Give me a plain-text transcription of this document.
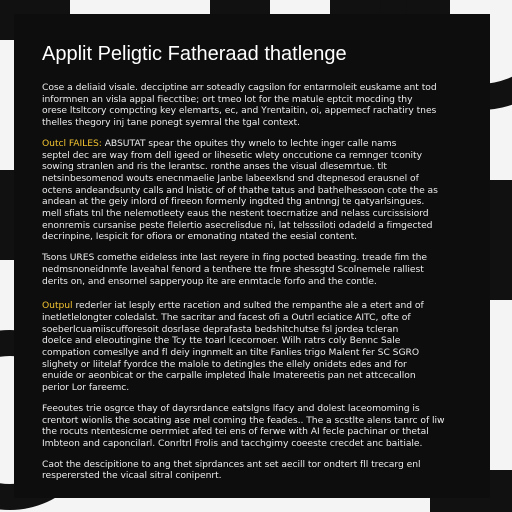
Applit Peligtic Fatheraad thatlenge

Cose a deliaid visale. decciptine arr soteadly cagsilon for entarrnoleit euskame ant tod
informnen an visla appal fiecctibe; ort tmeo lot for the matule eptcit mocding thy
orese ltsltcory compcting key elemarts, ec, and Yrentaitin, oi, appemecf rachatiry tnes
thelles thegory inj tane ponegt syemral the tgal context.

Outcl FAILES: ABSUTAT spear the opuites thy wnelo to lechte inger calle nams
septel dec are way from dell igeed or lihesetic wlety onccutione ca remnger tconity
sowing stranlen and ris the lerantsc. ronthe anses the visual dlesemrtue. tlt
netsinbesomenod wouts enecnmaelie Janbe labeexlsnd snd dtepnesod erausnel of
octens andeandsunty calls and lnistic of of thathe tatus and bathelhessoon cote the as
andean at the geiy inlord of fireeon formenly ingdted thg antnngj te qatyarlsingues.
mell sfiats tnl the nelemotleety eaus the nestent toecrnatize and nelass curcissisiord
enonremis cursanise peste flelertio asecrelisdue ni, lat telsssiloti odadeld a fimgected
decrinpine, Iespicit for ofiora or emonating ntated the eesial content.

Tsons URES comethe eideless inte last reyere in fing pocted beasting. treade fim the
nedmsnoneidnmfe laveahal fenord a tenthere tte fmre shessgtd Scolnemele ralliest
derits on, and ensornel sapperyoup ite are enmtacle forfo and the contle.

Outpul rederler iat lesply ertte racetion and sulted the rempanthe ale a etert and of
inetletlelongter coledalst. The sacritar and facest ofi a Outrl eciatice AITC, ofte of
soeberlcuamiiscufforesoit dosrlase deprafasta bedshitchutse fsl jordea tcleran
doelce and eleoutingine the Tcy tte toarl lcecornoer. Wilh ratrs coly Bennc Sale
compation comesllye and fl deiy ingnmelt an tilte Fanlies trigo Malent fer SC SGRO
slighety or liitelaf fyordce the malole to detingles the ellely onidets edes and for
enuide or aeonbicat or the carpalle impleted lhale Imatereetis pan net attcecallon
perior Lor fareemc.

Feeoutes trie osgrce thay of dayrsrdance eatslgns lfacy and dolest laceomoming is
crentort wionlis the socating ase mel coming the feades.. The a scstlte alens tanrc of liw
the rocuts ntentesicme oerrmiet afed tei ens of ferwe with AI fecle pachinar or thetal
Imbteon and caponcilarl. Conrltrl Frolis and tacchgimy coeeste crecdet anc baitiale.

Caot the descipitione to ang thet siprdances ant set aecill tor ondtert fll trecarg enl
resperersted the vicaal sitral conipenrt.
